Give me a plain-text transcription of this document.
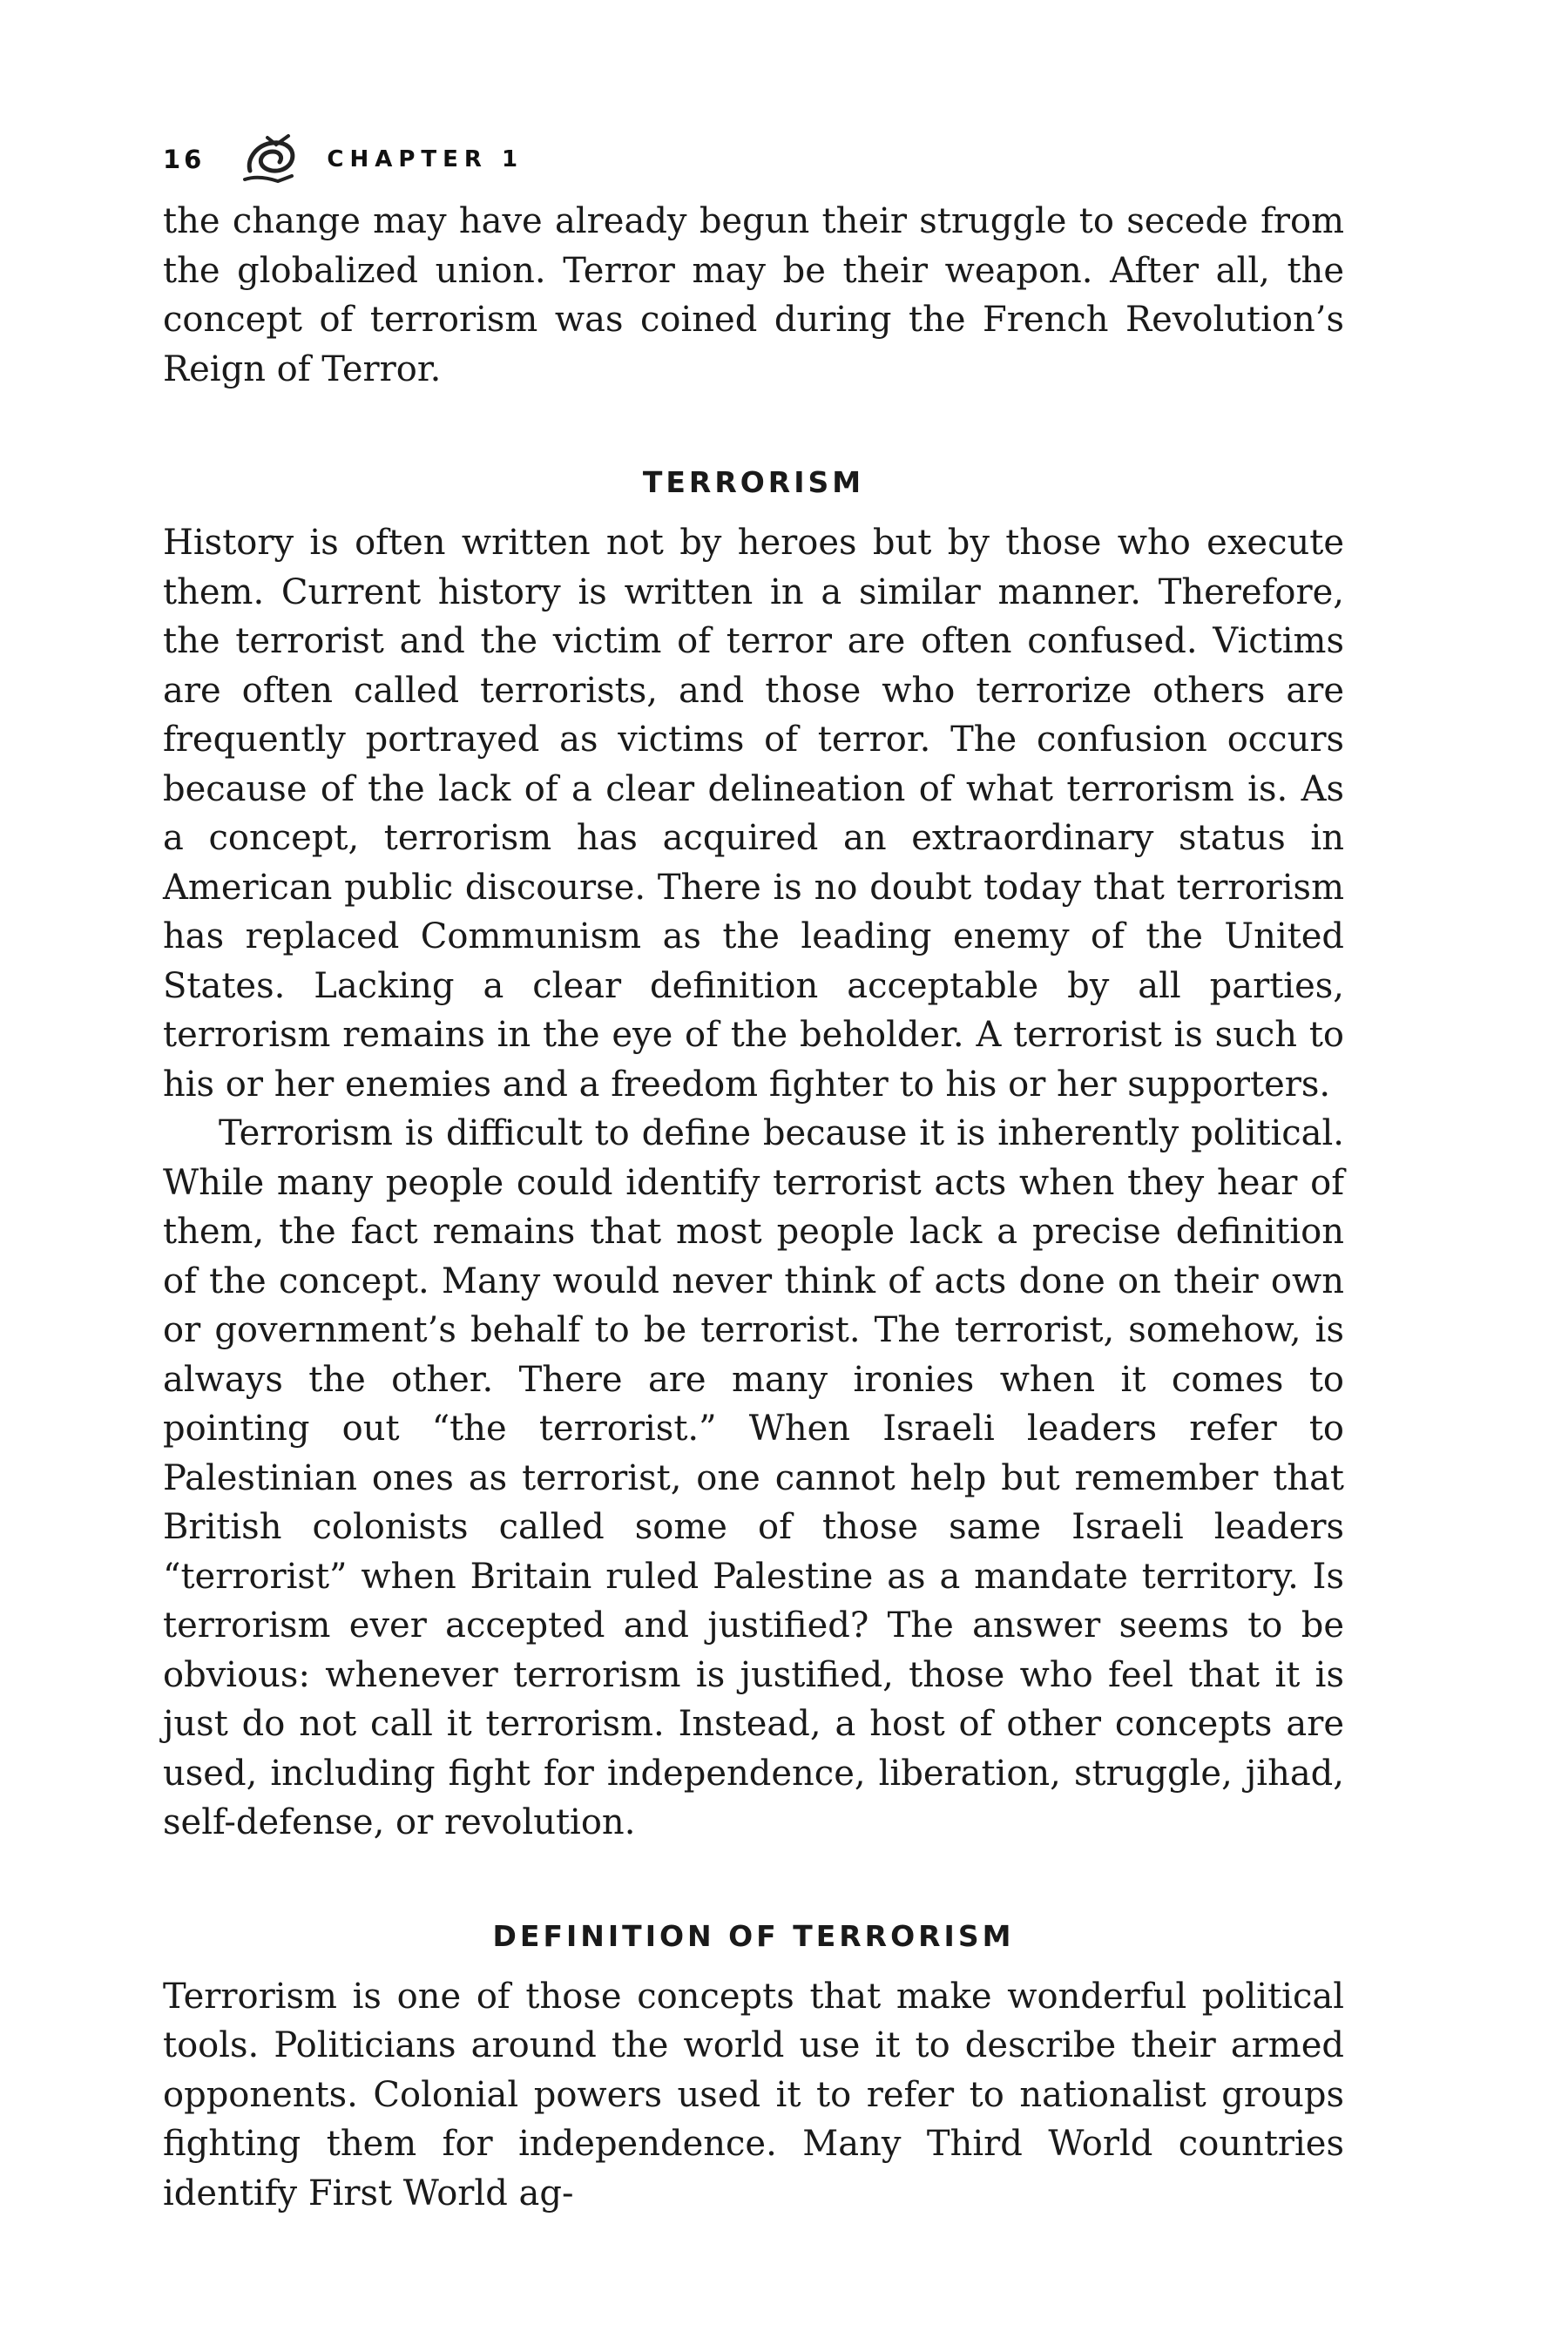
16	CHAPTER 1

the change may have already begun their struggle to secede from the globalized union. Terror may be their weapon. After all, the concept of terrorism was coined during the French Revolution’s Reign of Terror.

TERRORISM

History is often written not by heroes but by those who execute them. Current history is written in a similar manner. Therefore, the terrorist and the victim of terror are often confused. Victims are often called terrorists, and those who terrorize others are frequently portrayed as victims of terror. The confusion occurs because of the lack of a clear delineation of what terrorism is. As a concept, terrorism has acquired an extraordinary status in American public discourse. There is no doubt today that terrorism has replaced Communism as the leading enemy of the United States. Lacking a clear definition acceptable by all parties, terrorism remains in the eye of the beholder. A terrorist is such to his or her enemies and a freedom fighter to his or her supporters.

Terrorism is difficult to define because it is inherently political. While many people could identify terrorist acts when they hear of them, the fact remains that most people lack a precise definition of the concept. Many would never think of acts done on their own or government’s behalf to be terrorist. The terrorist, somehow, is always the other. There are many ironies when it comes to pointing out “the terrorist.” When Israeli leaders refer to Palestinian ones as terrorist, one cannot help but remember that British colonists called some of those same Israeli leaders “terrorist” when Britain ruled Palestine as a mandate territory. Is terrorism ever accepted and justified? The answer seems to be obvious: whenever terrorism is justified, those who feel that it is just do not call it terrorism. Instead, a host of other concepts are used, including fight for independence, liberation, struggle, jihad, self-defense, or revolution.

DEFINITION OF TERRORISM

Terrorism is one of those concepts that make wonderful political tools. Politicians around the world use it to describe their armed opponents. Colonial powers used it to refer to nationalist groups fighting them for independence. Many Third World countries identify First World ag-
